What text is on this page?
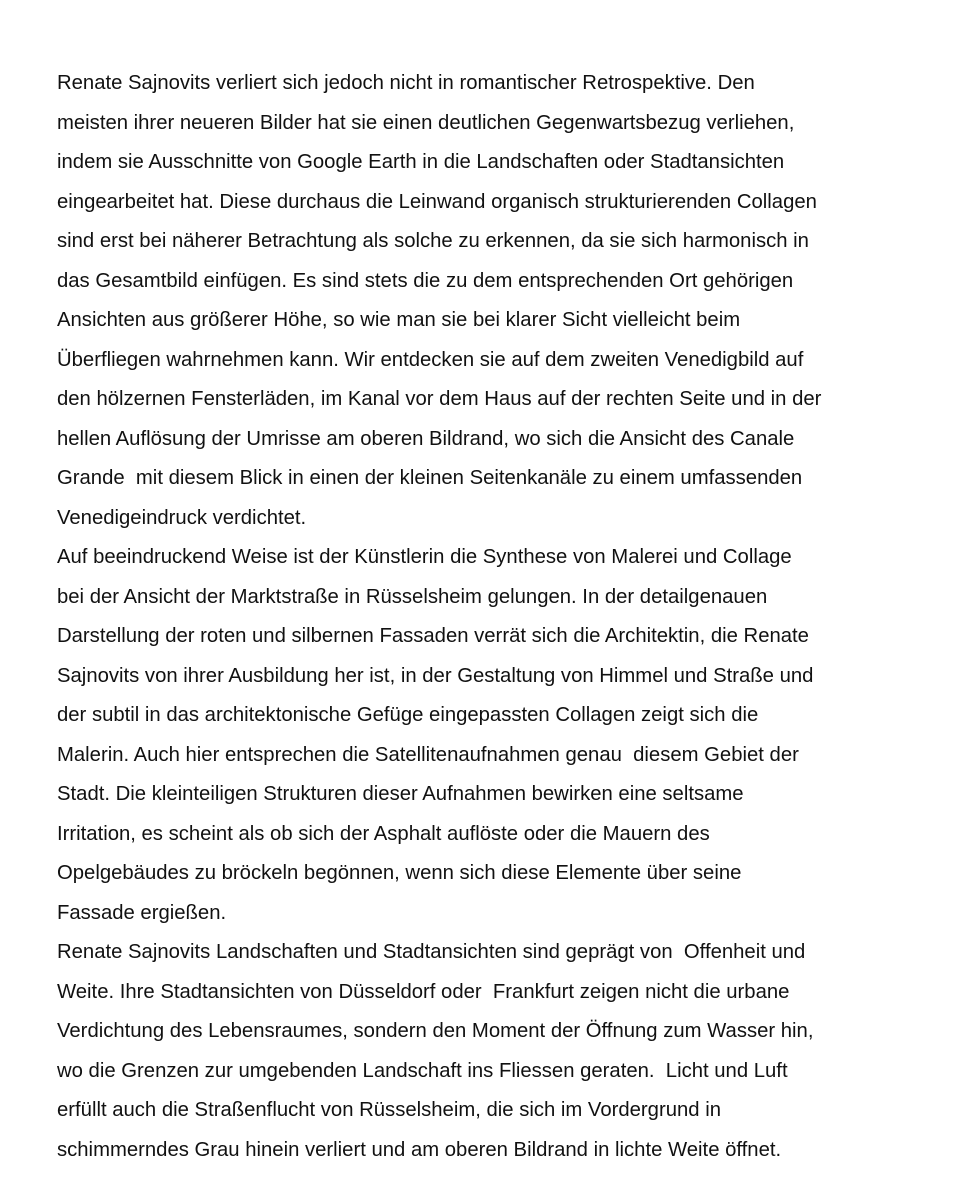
Renate Sajnovits verliert sich jedoch nicht in romantischer Retrospektive. Den
meisten ihrer neueren Bilder hat sie einen deutlichen Gegenwartsbezug verliehen,
indem sie Ausschnitte von Google Earth in die Landschaften oder Stadtansichten
eingearbeitet hat. Diese durchaus die Leinwand organisch strukturierenden Collagen
sind erst bei näherer Betrachtung als solche zu erkennen, da sie sich harmonisch in
das Gesamtbild einfügen. Es sind stets die zu dem entsprechenden Ort gehörigen
Ansichten aus größerer Höhe, so wie man sie bei klarer Sicht vielleicht beim
Überfliegen wahrnehmen kann. Wir entdecken sie auf dem zweiten Venedigbild auf
den hölzernen Fensterläden, im Kanal vor dem Haus auf der rechten Seite und in der
hellen Auflösung der Umrisse am oberen Bildrand, wo sich die Ansicht des Canale
Grande  mit diesem Blick in einen der kleinen Seitenkanäle zu einem umfassenden
Venedigeindruck verdichtet.
Auf beeindruckend Weise ist der Künstlerin die Synthese von Malerei und Collage
bei der Ansicht der Marktstraße in Rüsselsheim gelungen. In der detailgenauen
Darstellung der roten und silbernen Fassaden verrät sich die Architektin, die Renate
Sajnovits von ihrer Ausbildung her ist, in der Gestaltung von Himmel und Straße und
der subtil in das architektonische Gefüge eingepassten Collagen zeigt sich die
Malerin. Auch hier entsprechen die Satellitenaufnahmen genau  diesem Gebiet der
Stadt. Die kleinteiligen Strukturen dieser Aufnahmen bewirken eine seltsame
Irritation, es scheint als ob sich der Asphalt auflöste oder die Mauern des
Opelgebäudes zu bröckeln begönnen, wenn sich diese Elemente über seine
Fassade ergießen.
Renate Sajnovits Landschaften und Stadtansichten sind geprägt von  Offenheit und
Weite. Ihre Stadtansichten von Düsseldorf oder  Frankfurt zeigen nicht die urbane
Verdichtung des Lebensraumes, sondern den Moment der Öffnung zum Wasser hin,
wo die Grenzen zur umgebenden Landschaft ins Fliessen geraten.  Licht und Luft
erfüllt auch die Straßenflucht von Rüsselsheim, die sich im Vordergrund in
schimmerndes Grau hinein verliert und am oberen Bildrand in lichte Weite öffnet.
